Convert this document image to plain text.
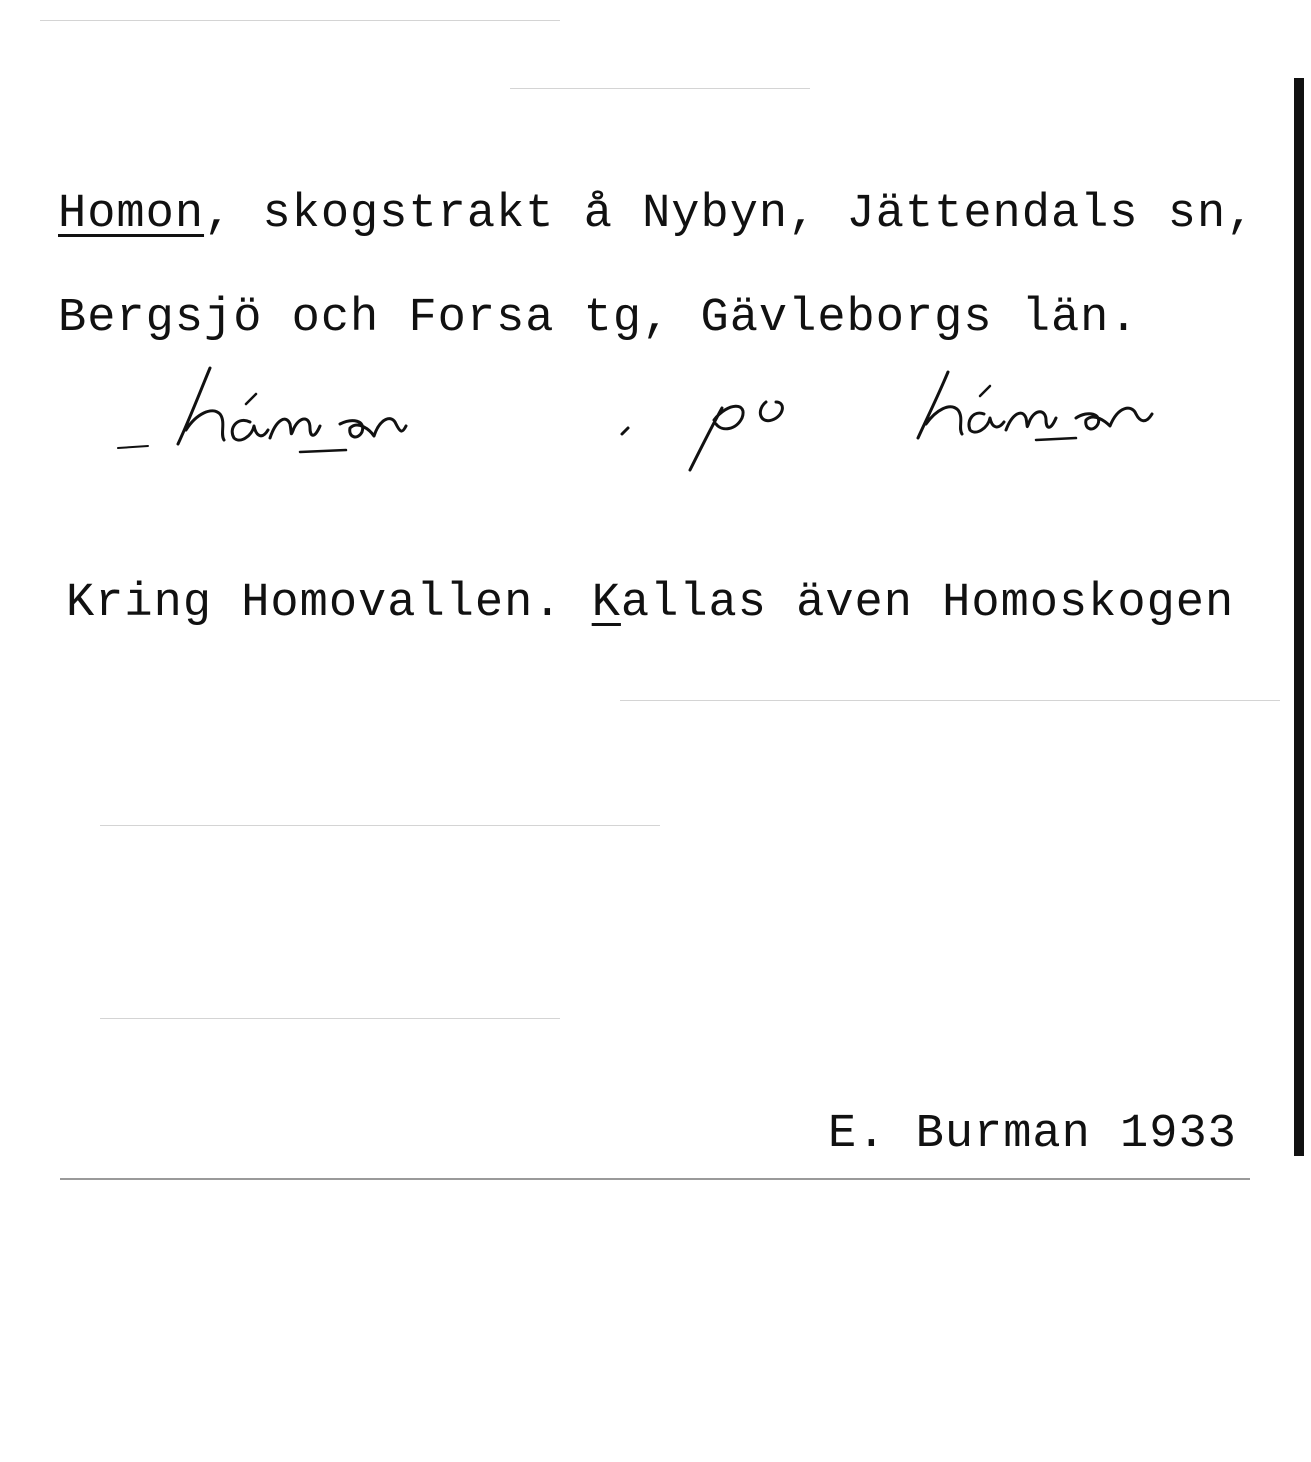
Homon, skogstrakt å Nybyn, Jättendals sn,
Bergsjö och Forsa tg, Gävleborgs län.
Kring Homovallen. Kallas även Homoskogen
E. Burman 1933
